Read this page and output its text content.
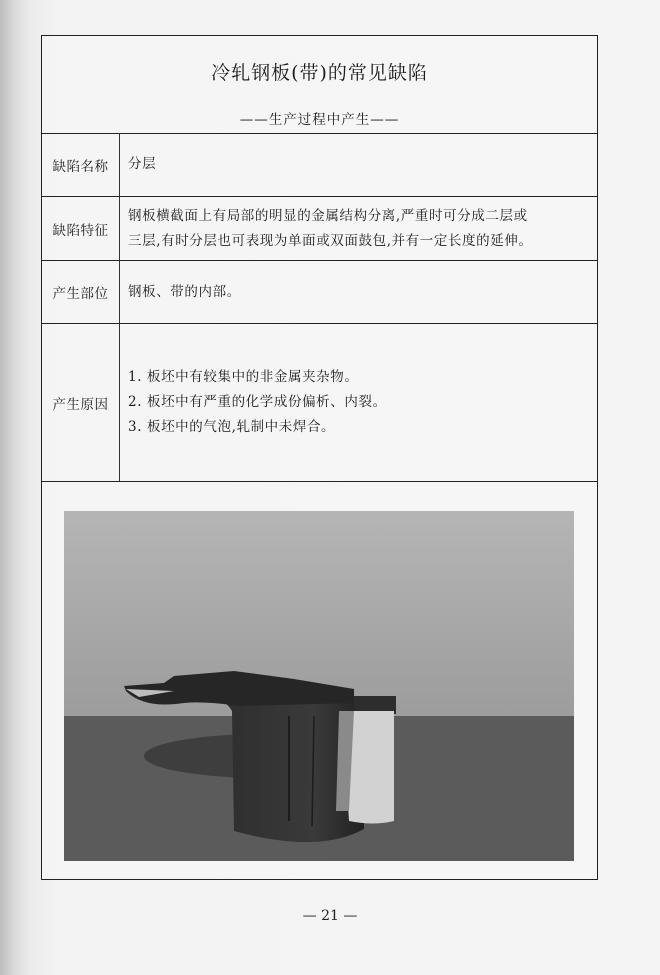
冷轧钢板(带)的常见缺陷
——生产过程中产生——
缺陷名称	分层
缺陷特征
钢板横截面上有局部的明显的金属结构分离,严重时可分成二层或
三层,有时分层也可表现为单面或双面鼓包,并有一定长度的延伸。
产生部位	钢板、带的内部。
产生原因
1. 板坯中有较集中的非金属夹杂物。
2. 板坯中有严重的化学成份偏析、内裂。
3. 板坯中的气泡,轧制中未焊合。
— 21 —
